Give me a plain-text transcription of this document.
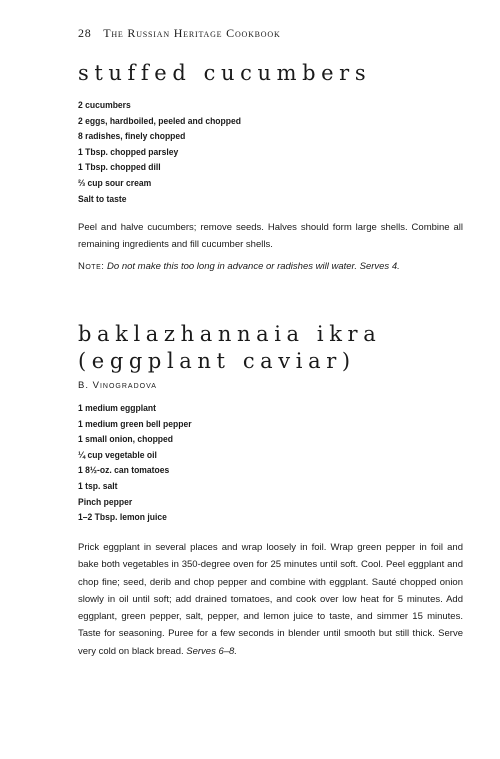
28 The Russian Heritage Cookbook
stuffed cucumbers
2 cucumbers
2 eggs, hardboiled, peeled and chopped
8 radishes, finely chopped
1 Tbsp. chopped parsley
1 Tbsp. chopped dill
⅔ cup sour cream
Salt to taste

Peel and halve cucumbers; remove seeds. Halves should form large shells. Combine all remaining ingredients and fill cucumber shells.

Note: Do not make this too long in advance or radishes will water. Serves 4.

baklazhannaia ikra
(eggplant caviar)
B. Vinogradova
1 medium eggplant
1 medium green bell pepper
1 small onion, chopped
¼ cup vegetable oil
1 8½-oz. can tomatoes
1 tsp. salt
Pinch pepper
1–2 Tbsp. lemon juice

Prick eggplant in several places and wrap loosely in foil. Wrap green pepper in foil and bake both vegetables in 350-degree oven for 25 minutes until soft. Cool. Peel eggplant and chop fine; seed, derib and chop pepper and combine with eggplant. Sauté chopped onion slowly in oil until soft; add drained tomatoes, and cook over low heat for 5 minutes. Add eggplant, green pepper, salt, pepper, and lemon juice to taste, and simmer 15 minutes. Taste for seasoning. Puree for a few seconds in blender until smooth but still thick. Serve very cold on black bread. Serves 6–8.
